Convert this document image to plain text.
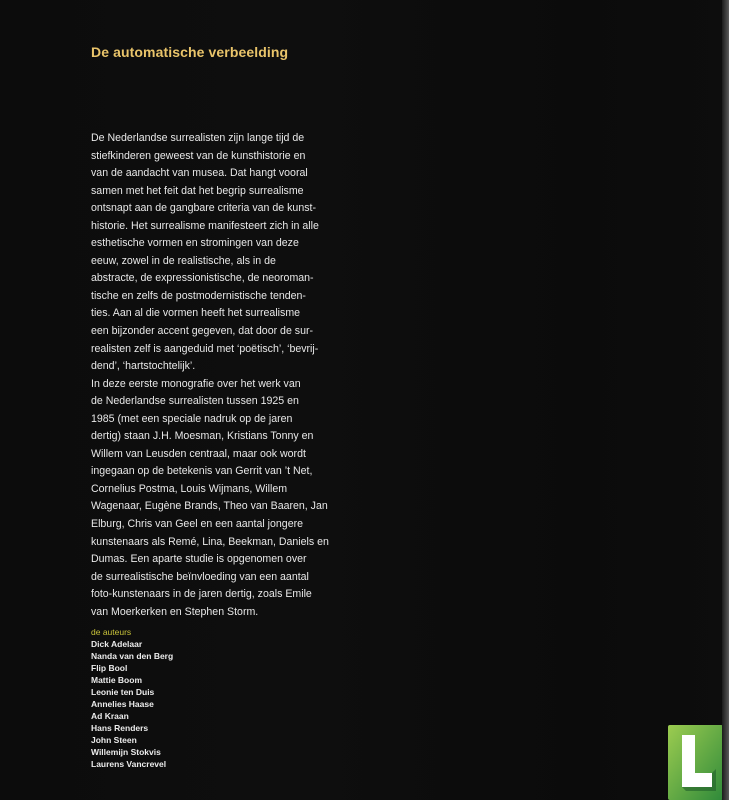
De automatische verbeelding

De Nederlandse surrealisten zijn lange tijd de
stiefkinderen geweest van de kunsthistorie en
van de aandacht van musea. Dat hangt vooral
samen met het feit dat het begrip surrealisme
ontsnapt aan de gangbare criteria van de kunst-
historie. Het surrealisme manifesteert zich in alle
esthetische vormen en stromingen van deze
eeuw, zowel in de realistische, als in de
abstracte, de expressionistische, de neoroman-
tische en zelfs de postmodernistische tenden-
ties. Aan al die vormen heeft het surrealisme
een bijzonder accent gegeven, dat door de sur-
realisten zelf is aangeduid met ‘poëtisch’, ‘bevrij-
dend’, ‘hartstochtelijk’.
In deze eerste monografie over het werk van
de Nederlandse surrealisten tussen 1925 en
1985 (met een speciale nadruk op de jaren
dertig) staan J.H. Moesman, Kristians Tonny en
Willem van Leusden centraal, maar ook wordt
ingegaan op de betekenis van Gerrit van ’t Net,
Cornelius Postma, Louis Wijmans, Willem
Wagenaar, Eugène Brands, Theo van Baaren, Jan
Elburg, Chris van Geel en een aantal jongere
kunstenaars als Remé, Lina, Beekman, Daniels en
Dumas. Een aparte studie is opgenomen over
de surrealistische beïnvloeding van een aantal
foto-kunstenaars in de jaren dertig, zoals Emile
van Moerkerken en Stephen Storm.

de auteurs
Dick Adelaar
Nanda van den Berg
Flip Bool
Mattie Boom
Leonie ten Duis
Annelies Haase
Ad Kraan
Hans Renders
John Steen
Willemijn Stokvis
Laurens Vancrevel
